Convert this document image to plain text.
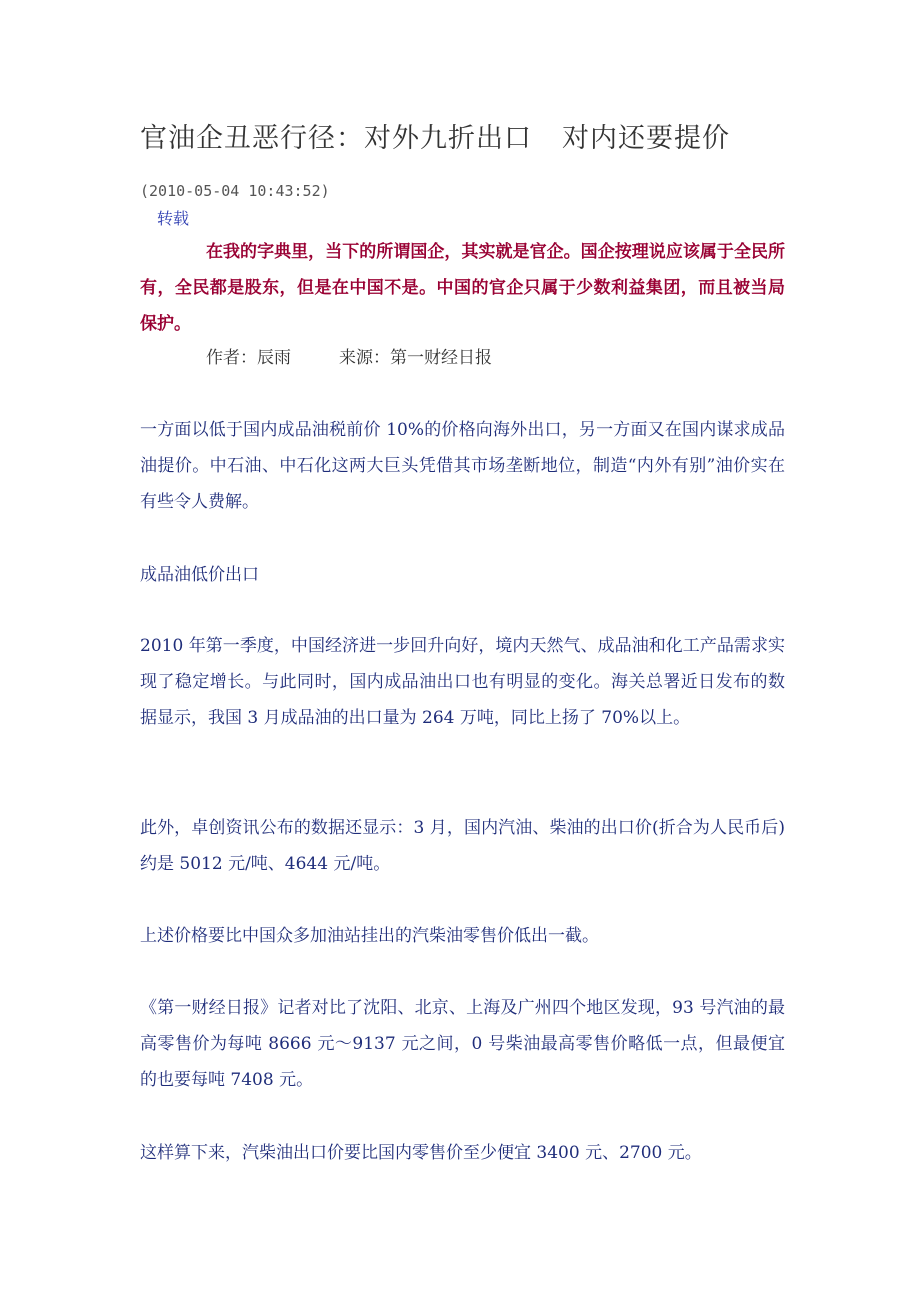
官油企丑恶行径：对外九折出口 对内还要提价
(2010-05-04 10:43:52)
转载

在我的字典里，当下的所谓国企，其实就是官企。国企按理说应该属于全民所有，全民都是股东，但是在中国不是。中国的官企只属于少数利益集团，而且被当局保护。

作者：辰雨	来源：第一财经日报

一方面以低于国内成品油税前价 10%的价格向海外出口，另一方面又在国内谋求成品油提价。中石油、中石化这两大巨头凭借其市场垄断地位，制造“内外有别”油价实在有些令人费解。

成品油低价出口

2010 年第一季度，中国经济进一步回升向好，境内天然气、成品油和化工产品需求实现了稳定增长。与此同时，国内成品油出口也有明显的变化。海关总署近日发布的数据显示，我国 3 月成品油的出口量为 264 万吨，同比上扬了 70%以上。

此外，卓创资讯公布的数据还显示：3 月，国内汽油、柴油的出口价(折合为人民币后)约是 5012 元/吨、4644 元/吨。

上述价格要比中国众多加油站挂出的汽柴油零售价低出一截。

《第一财经日报》记者对比了沈阳、北京、上海及广州四个地区发现，93 号汽油的最高零售价为每吨 8666 元～9137 元之间，0 号柴油最高零售价略低一点，但最便宜的也要每吨 7408 元。

这样算下来，汽柴油出口价要比国内零售价至少便宜 3400 元、2700 元。
